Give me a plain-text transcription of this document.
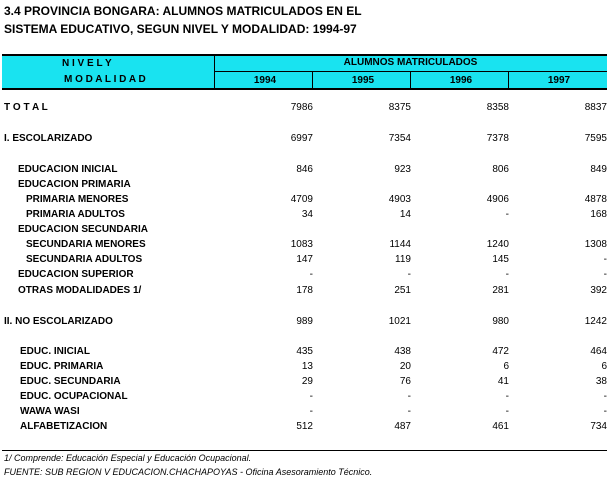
3.4 PROVINCIA BONGARA: ALUMNOS MATRICULADOS EN EL
SISTEMA EDUCATIVO, SEGUN NIVEL Y MODALIDAD: 1994-97
N I V E L Y
M O D A L I D A D
ALUMNOS MATRICULADOS
1994	1995	1996	1997
T O T A L	7986	8375	8358	8837
I. ESCOLARIZADO	6997	7354	7378	7595
EDUCACION INICIAL	846	923	806	849
EDUCACION PRIMARIA
PRIMARIA MENORES	4709	4903	4906	4878
PRIMARIA ADULTOS	34	14	-	168
EDUCACION SECUNDARIA
SECUNDARIA MENORES	1083	1144	1240	1308
SECUNDARIA ADULTOS	147	119	145	-
EDUCACION SUPERIOR	-	-	-	-
OTRAS MODALIDADES 1/	178	251	281	392
II. NO ESCOLARIZADO	989	1021	980	1242
EDUC. INICIAL	435	438	472	464
EDUC. PRIMARIA	13	20	6	6
EDUC. SECUNDARIA	29	76	41	38
EDUC. OCUPACIONAL	-	-	-	-
WAWA WASI	-	-	-	-
ALFABETIZACION	512	487	461	734
1/ Comprende: Educación Especial y Educación Ocupacional.
FUENTE: SUB REGION V EDUCACION.CHACHAPOYAS - Oficina Asesoramiento Técnico.
